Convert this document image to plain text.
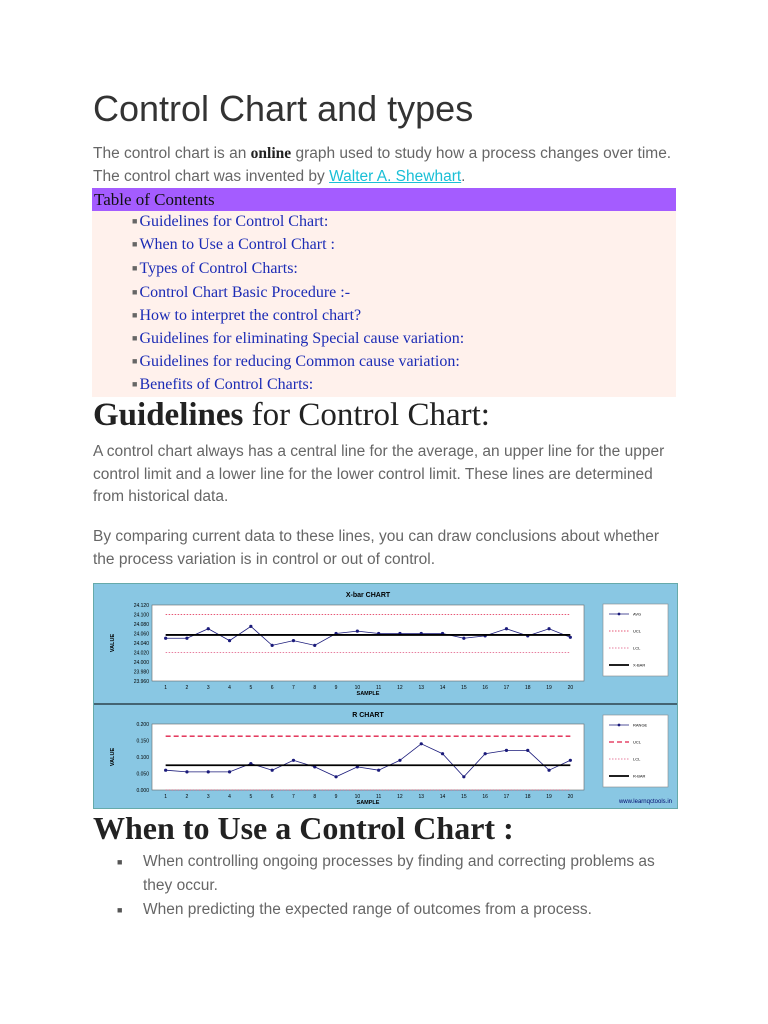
Control Chart and types

The control chart is an online graph used to study how a process changes over time. The control chart was invented by Walter A. Shewhart.

Table of Contents
■ Guidelines for Control Chart:
■ When to Use a Control Chart :
■ Types of Control Charts:
■ Control Chart Basic Procedure :-
■ How to interpret the control chart?
■ Guidelines for eliminating Special cause variation:
■ Guidelines for reducing Common cause variation:
■ Benefits of Control Charts:
Guidelines for Control Chart:

A control chart always has a central line for the average, an upper line for the upper control limit and a lower line for the lower control limit. These lines are determined from historical data.

By comparing current data to these lines, you can draw conclusions about whether the process variation is in control or out of control.

X-bar CHART
24.120
24.100
24.080
24.060
24.040
24.020
24.000
23.980
23.960
1	2	3	4	5	6	7	8	9	10	11	12	13	14	15	16	17	18	19	20
SAMPLE
VALUE
AVG
UCL
LCL
X-BAR
R CHART
0.200
0.150
0.100
0.050
0.000
1	2	3	4	5	6	7	8	9	10	11	12	13	14	15	16	17	18	19	20
SAMPLE
VALUE
RANGE
UCL
LCL
R-BAR
www.learnqctools.in
When to Use a Control Chart :
■ When controlling ongoing processes by finding and correcting problems as they occur.
■ When predicting the expected range of outcomes from a process.
